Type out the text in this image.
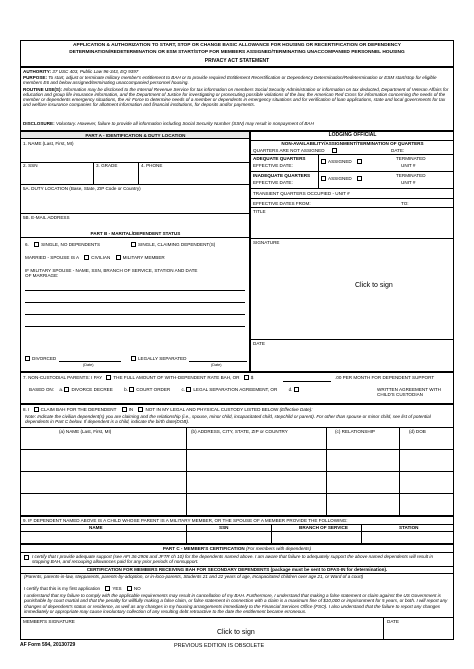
APPLICATION & AUTHORIZATION TO START, STOP OR CHANGE BASIC ALLOWANCE FOR HOUSING OR RECERTIFICATION OR DEPENDENCY
DETERMINATION/REDETERMINATION OR ESM START/STOP FOR MEMBERS ASSIGNED/TERMINATING UNACCOMPANIED PERSONNEL HOUSING
PRIVACY ACT STATEMENT
AUTHORITY: 37 USC 403, Public Law 96-343, EQ 9397
PURPOSE: To start, adjust or terminate military member's entitlement to BAH or to provide required Entitlement Recertification or Dependency Determination/Redetermination or ESM start/stop for eligible members E6 and below assigned/terminating unaccompanied personnel housing.
ROUTINE USE(S): Information may be disclosed to the Internal Revenue Service for tax information on members Social Security Administration or information on tax deducted, Department of Veteran Affairs for education and group life insurance information, and the Department of Justice for investigating or prosecuting possible violations of the law, the American Red Cross for information concerning the needs of the member or dependents emergency situations, the Air Force to determine needs of a member or dependents in emergency situations and for verification of loan applications, state and local governments for tax and welfare insurance companies for allotment information and financial institutions, for deposits and/or payments.
DISCLOSURE: Voluntary. However, failure to provide all information including Social Security Number (SSN) may result in nonpayment of BAH
PART A - IDENTIFICATION & DUTY LOCATION
1. NAME (Last, First, MI)
2. SSN	3. GRADE	4. PHONE
5A. DUTY LOCATION (Base, State, ZIP Code or Country)
5B. E-MAIL ADDRESS
PART B - MARITAL/DEPENDENT STATUS
6.	SINGLE, NO DEPENDENTS	SINGLE, CLAIMING DEPENDENT(S)
MARRIED - SPOUSE IS A	CIVILIAN	MILITARY MEMBER
IF MILITARY SPOUSE - NAME, SSN, BRANCH OF SERVICE, STATION AND DATE OF MARRIAGE:
DIVORCED
(Date)
LEGALLY SEPARATED
(Date)
LODGING OFFICIAL
NON-AVAILABILITY/ASSIGNMENT/TERMINATION OF QUARTERS
QUARTERS ARE NOT ASSIGNED	DATE:
ADEQUATE QUARTERS
EFFECTIVE DATE:
ASSIGNED
TERMINATED
UNIT #
INADEQUATE QUARTERS
EFFECTIVE DATE:
ASSIGNED
TERMINATED
UNIT #
TRANSIENT QUARTERS OCCUPIED - UNIT #
EFFECTIVE DATES FROM:	TO:
TITLE
SIGNATURE
Click to sign
DATE
7. NON-CUSTODIAL PARENTS: I PAY THE FULL AMOUNT OF WITH-DEPENDENT RATE BAH, OR $	.00 PER MONTH FOR DEPENDENT SUPPORT
BASED ON: a. DIVORCE DECREE b. COURT ORDER c. LEGAL SEPARATION AGREEMENT, OR d.	WRITTEN AGREEMENT WITH CHILD'S CUSTODIAN
8. I CLAIM BAH FOR THE DEPENDENT	IN	NOT IN MY LEGAL AND PHYSICAL CUSTODY LISTED BELOW (Effective Date):
Note: Indicate the civilian dependent(s) you are claiming and the relationship (i.e., spouse, minor child, incapacitated child, stepchild or parent). For other than spouse or minor child, see list of potential dependents in Part C below. If dependent is a child, indicate the birth date(DOB).
(a) NAME (Last, First, MI)	(b) ADDRESS, CITY, STATE, ZIP or COUNTRY	(c) RELATIONSHIP	(d) DOB
9. IF DEPENDENT NAMED ABOVE IS A CHILD WHOSE PARENT IS A MILITARY MEMBER, OR THE SPOUSE OF A MEMBER PROVIDE THE FOLLOWING:
NAME	SSN	BRANCH OF SERVICE	STATION
PART C - MEMBER'S CERTIFICATION (For members with dependents)
I certify that I provide adequate support (see AFI 36-2906 and JFTR ch 10) for the dependents named above. I am aware that failure to adequately support the above named dependents will result in stopping BAH, and recouping allowances paid for any prior periods of nonsupport.
CERTIFICATION FOR MEMBERS RECEIVING BAH FOR SECONDARY DEPENDENTS (package must be sent to DFAS-IN for determination).
(Parents, parents-in-law, stepparents, parents-by-adoption, or in-loco-parents, Students 21 and 22 years of age, Incapacitated children over age 21, or Ward of a court)
I certify that this is my first application	YES	NO
I understand that my failure to comply with the applicable requirements may result in cancellation of my BAH. Furthermore, I understand that making a false statement or claim against the US Government is punishable by court martial and that the penalty for willfully making a false claim, or false statement in connection with a claim is a maximum fine of $10,000 or imprisonment for 5 years, or both. I will report any changes of dependent's status or residence, as well as any changes in my housing arrangements immediately to the Financial Services Office (FSO). I also understand that the failure to report any changes immediately or appropriate may cause involuntary collection of any resulting debt retroactive to the date the entitlement became erroneous.
MEMBER'S SIGNATURE
Click to sign
DATE
AF Form 594, 20130729	PREVIOUS EDITION IS OBSOLETE
